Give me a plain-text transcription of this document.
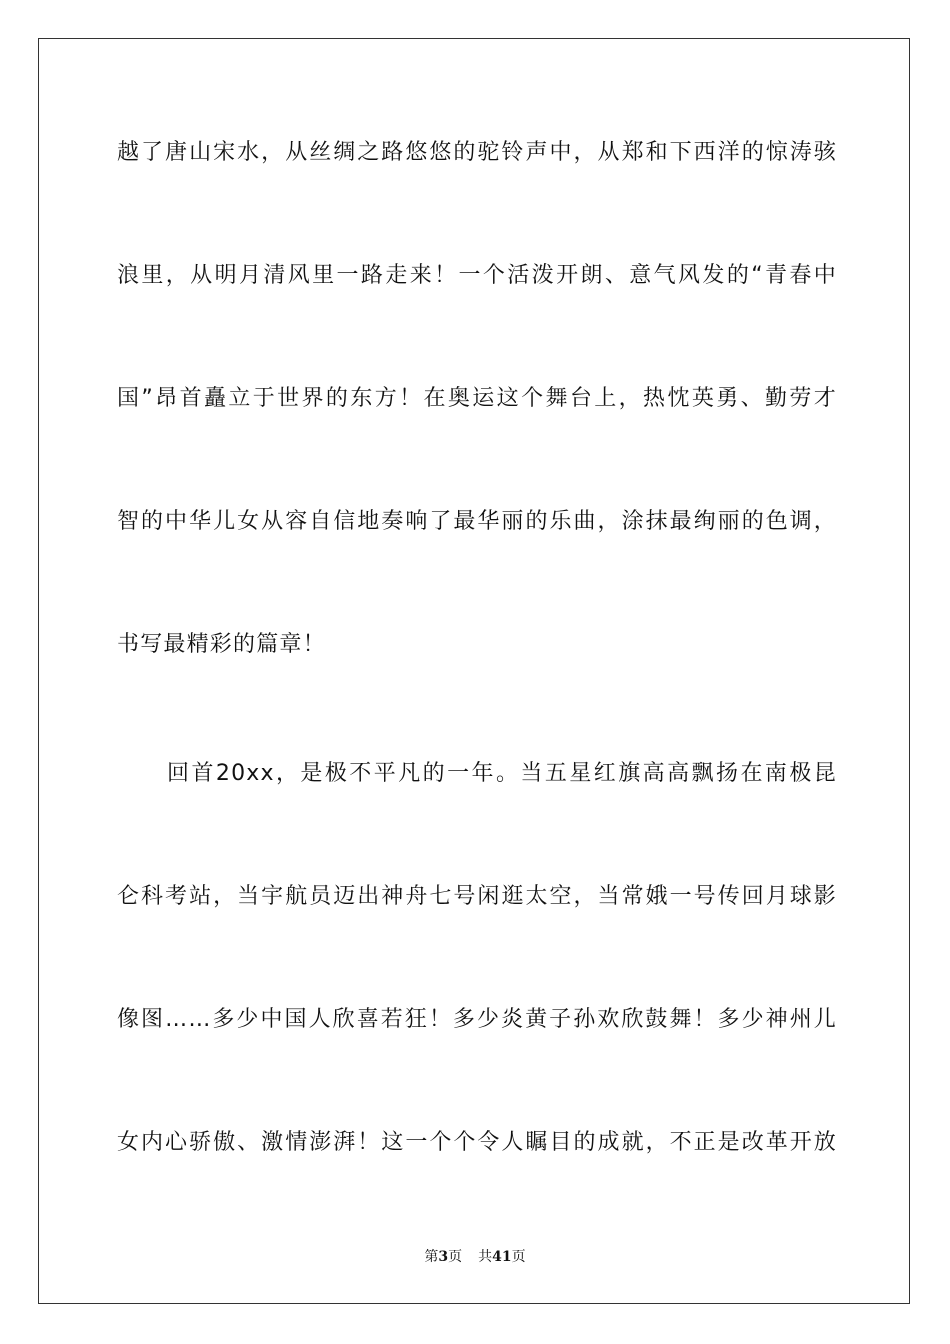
越了唐山宋水，从丝绸之路悠悠的驼铃声中，从郑和下西洋的惊涛骇
浪里，从明月清风里一路走来！一个活泼开朗、意气风发的“青春中
国”昂首矗立于世界的东方！在奥运这个舞台上，热忱英勇、勤劳才
智的中华儿女从容自信地奏响了最华丽的乐曲，涂抹最绚丽的色调，
书写最精彩的篇章！
回首20xx，是极不平凡的一年。当五星红旗高高飘扬在南极昆
仑科考站，当宇航员迈出神舟七号闲逛太空，当常娥一号传回月球影
像图……多少中国人欣喜若狂！多少炎黄子孙欢欣鼓舞！多少神州儿
女内心骄傲、激情澎湃！这一个个令人瞩目的成就，不正是改革开放
第3页 共41页
